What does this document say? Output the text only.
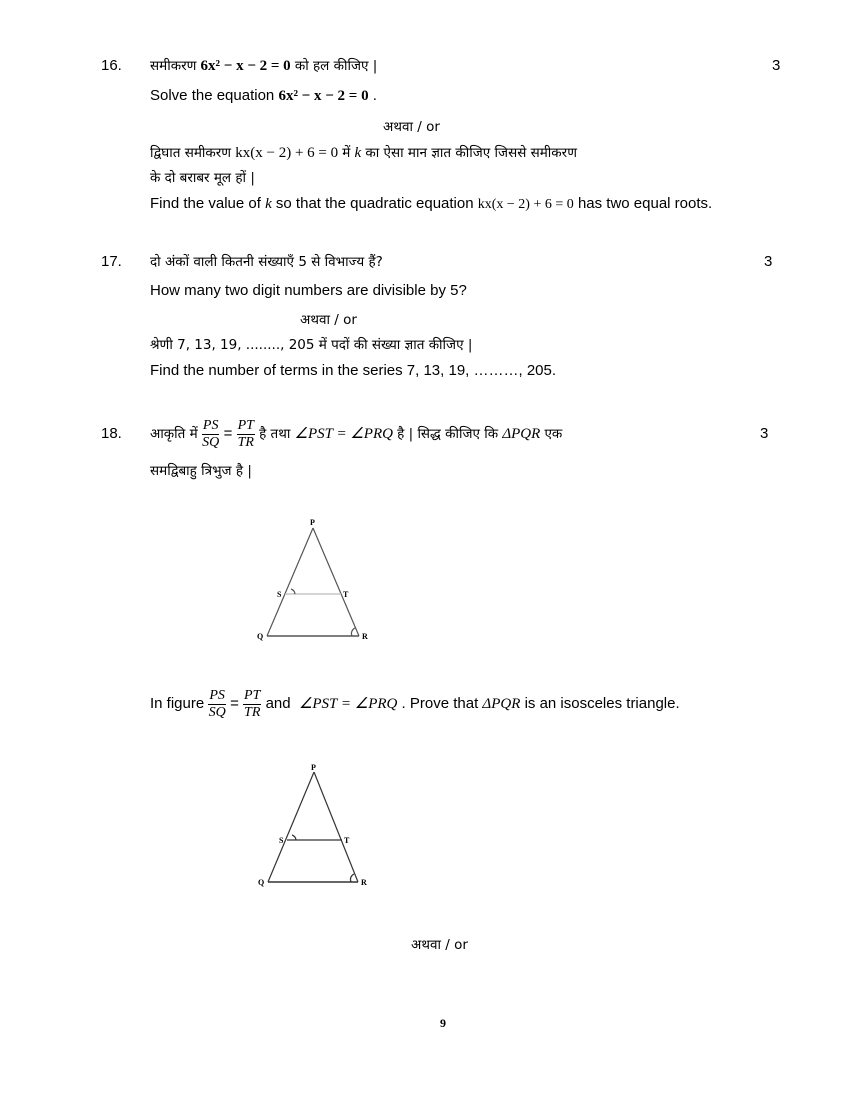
16.	3
समीकरण 6x² − x − 2 = 0 को हल कीजिए |
Solve the equation 6x² − x − 2 = 0 .
अथवा / or
द्विघात समीकरण kx(x − 2) + 6 = 0 में k का ऐसा मान ज्ञात कीजिए जिससे समीकरण
के दो बराबर मूल हों |
Find the value of k so that the quadratic equation kx(x − 2) + 6 = 0 has two equal roots.
17.	3
दो अंकों वाली कितनी संख्याएँ 5 से विभाज्य हैं?
How many two digit numbers are divisible by 5?
अथवा / or
श्रेणी 7, 13, 19, ........, 205 में पदों की संख्या ज्ञात कीजिए |
Find the number of terms in the series 7, 13, 19, ………, 205.
18.	3
आकृति में $\frac{PS}{SQ} = \frac{PT}{TR}$ है तथा ∠PST = ∠PRQ है | सिद्ध कीजिए कि ΔPQR एक
समद्विबाहु त्रिभुज है |
P
S	T
Q	R
In figure $\frac{PS}{SQ} = \frac{PT}{TR}$ and ∠PST = ∠PRQ . Prove that ΔPQR is an isosceles triangle.
P
S	T
Q	R
अथवा / or
9
